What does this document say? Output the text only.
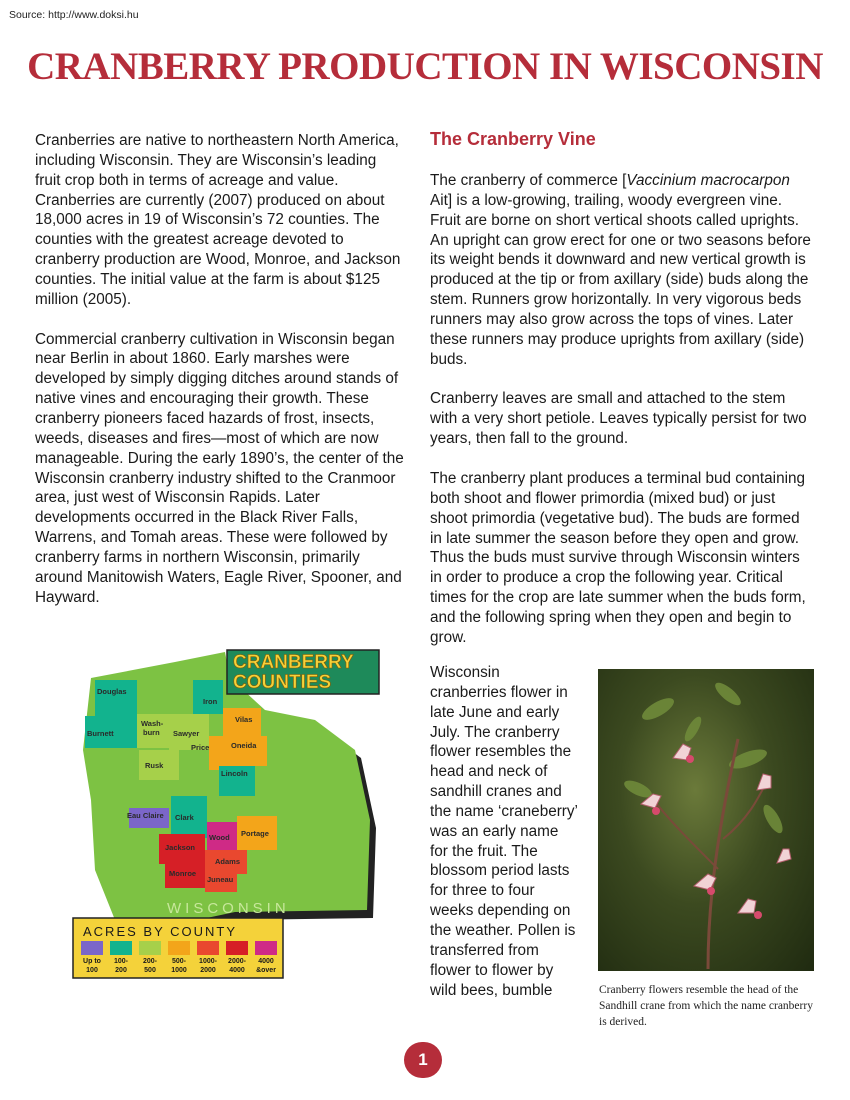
Source: http://www.doksi.hu
CRANBERRY PRODUCTION IN WISCONSIN

Cranberries are native to northeastern North America, including Wisconsin. They are Wisconsin’s leading fruit crop both in terms of acreage and value. Cranberries are currently (2007) produced on about 18,000 acres in 19 of Wisconsin’s 72 counties. The counties with the greatest acreage devoted to cranberry production are Wood, Monroe, and Jackson counties. The initial value at the farm is about $125 million (2005).

Commercial cranberry cultivation in Wisconsin began near Berlin in about 1860. Early marshes were developed by simply digging ditches around stands of native vines and encouraging their growth. These cranberry pioneers faced hazards of frost, insects, weeds, diseases and fires—most of which are now manageable. During the early 1890’s, the center of the Wisconsin cranberry industry shifted to the Cranmoor area, just west of Wisconsin Rapids. Later developments occurred in the Black River Falls, Warrens, and Tomah areas. These were followed by cranberry farms in northern Wisconsin, primarily around Manitowish Waters, Eagle River, Spooner, and Hayward.

The Cranberry Vine

The cranberry of commerce [Vaccinium macrocarpon Ait] is a low-growing, trailing, woody evergreen vine. Fruit are borne on short vertical shoots called uprights. An upright can grow erect for one or two seasons before its weight bends it downward and new vertical growth is produced at the tip or from axillary (side) buds along the stem. Runners grow horizontally. In very vigorous beds runners may also grow across the tops of vines. Later these runners may produce uprights from axillary (side) buds.

Cranberry leaves are small and attached to the stem with a very short petiole. Leaves typically persist for two years, then fall to the ground.

The cranberry plant produces a terminal bud containing both shoot and flower primordia (mixed bud) or just shoot primordia (vegetative bud). The buds are formed in late summer the season before they open and grow. Thus the buds must survive through Wisconsin winters in order to produce a crop the following year. Critical times for the crop are late summer when the buds form, and the following spring when they open and begin to grow.

Wisconsin cranberries flower in late June and early July. The cranberry flower resembles the head and neck of sandhill cranes and the name ‘craneberry’ was an early name for the fruit. The blossom period lasts for three to four weeks depending on the weather. Pollen is transferred from flower to flower by wild bees, bumble	Cranberry flowers resemble the head of the Sandhill crane from which the name cranberry is derived.
Douglas
Iron
Vilas
Wash-
burn
Burnett	Sawyer
Price	Oneida
Rusk
Lincoln
Eau Claire Clark
Wood Portage
Jackson
Adams
Monroe
Juneau
CRANBERRY
COUNTIES
WISCONSIN
ACRES BY COUNTY
Up to
100
100-
200
200-
500
500-
1000
1000-
2000
2000-
4000
4000
&over
1
